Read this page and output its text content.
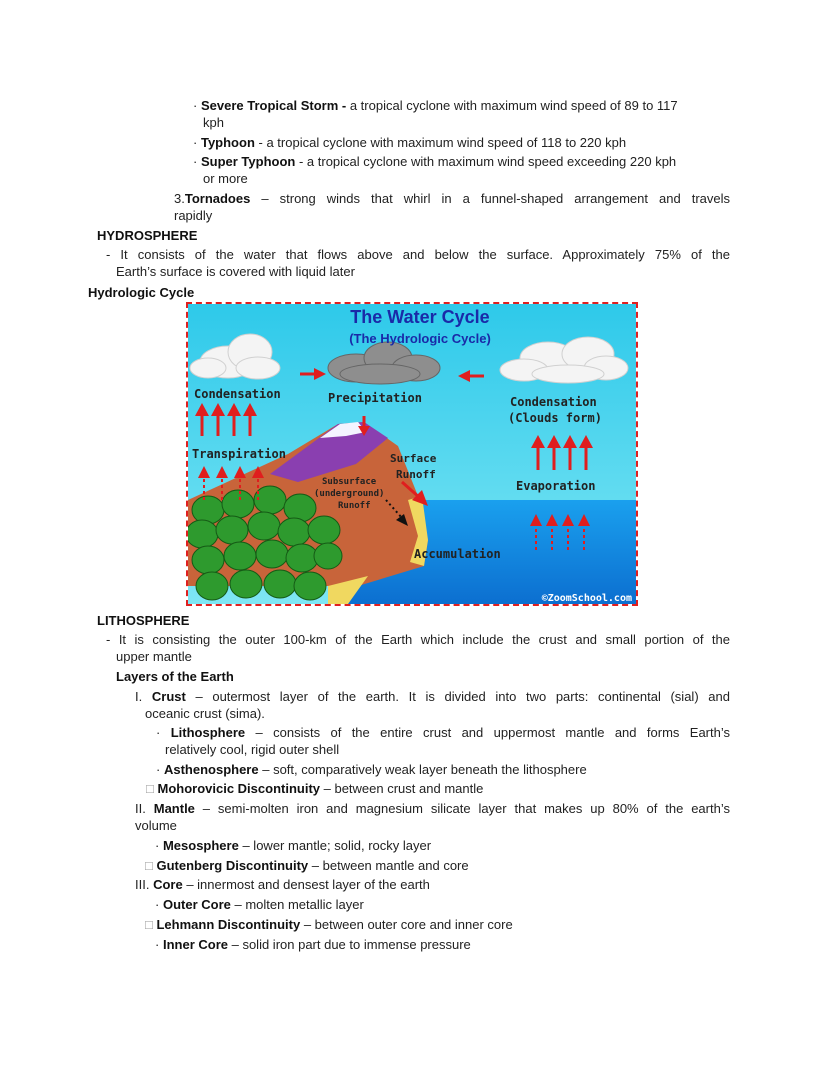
· Severe Tropical Storm - a tropical cyclone with maximum wind speed of 89 to 117
kph
· Typhoon - a tropical cyclone with maximum wind speed of 118 to 220 kph
· Super Typhoon - a tropical cyclone with maximum wind speed exceeding 220 kph
or more
3.Tornadoes – strong winds that whirl in a funnel-shaped arrangement and travels
rapidly
HYDROSPHERE
- It consists of the water that flows above and below the surface. Approximately 75% of the
Earth’s surface is covered with liquid later
Hydrologic Cycle
The Water Cycle
(The Hydrologic Cycle)
Condensation	Precipitation	Condensation
(Clouds form)
Transpiration	Surface
Runoff
Subsurface
(underground)
Runoff
Evaporation
Accumulation
©ZoomSchool.com
LITHOSPHERE
- It is consisting the outer 100-km of the Earth which include the crust and small portion of the
upper mantle
Layers of the Earth
I. Crust – outermost layer of the earth. It is divided into two parts: continental (sial) and
oceanic crust (sima).
· Lithosphere – consists of the entire crust and uppermost mantle and forms Earth’s
relatively cool, rigid outer shell
· Asthenosphere – soft, comparatively weak layer beneath the lithosphere
□ Mohorovicic Discontinuity – between crust and mantle
II. Mantle – semi-molten iron and magnesium silicate layer that makes up 80% of the earth’s
volume
· Mesosphere – lower mantle; solid, rocky layer
□ Gutenberg Discontinuity – between mantle and core
III. Core – innermost and densest layer of the earth
· Outer Core – molten metallic layer
□ Lehmann Discontinuity – between outer core and inner core
· Inner Core – solid iron part due to immense pressure
